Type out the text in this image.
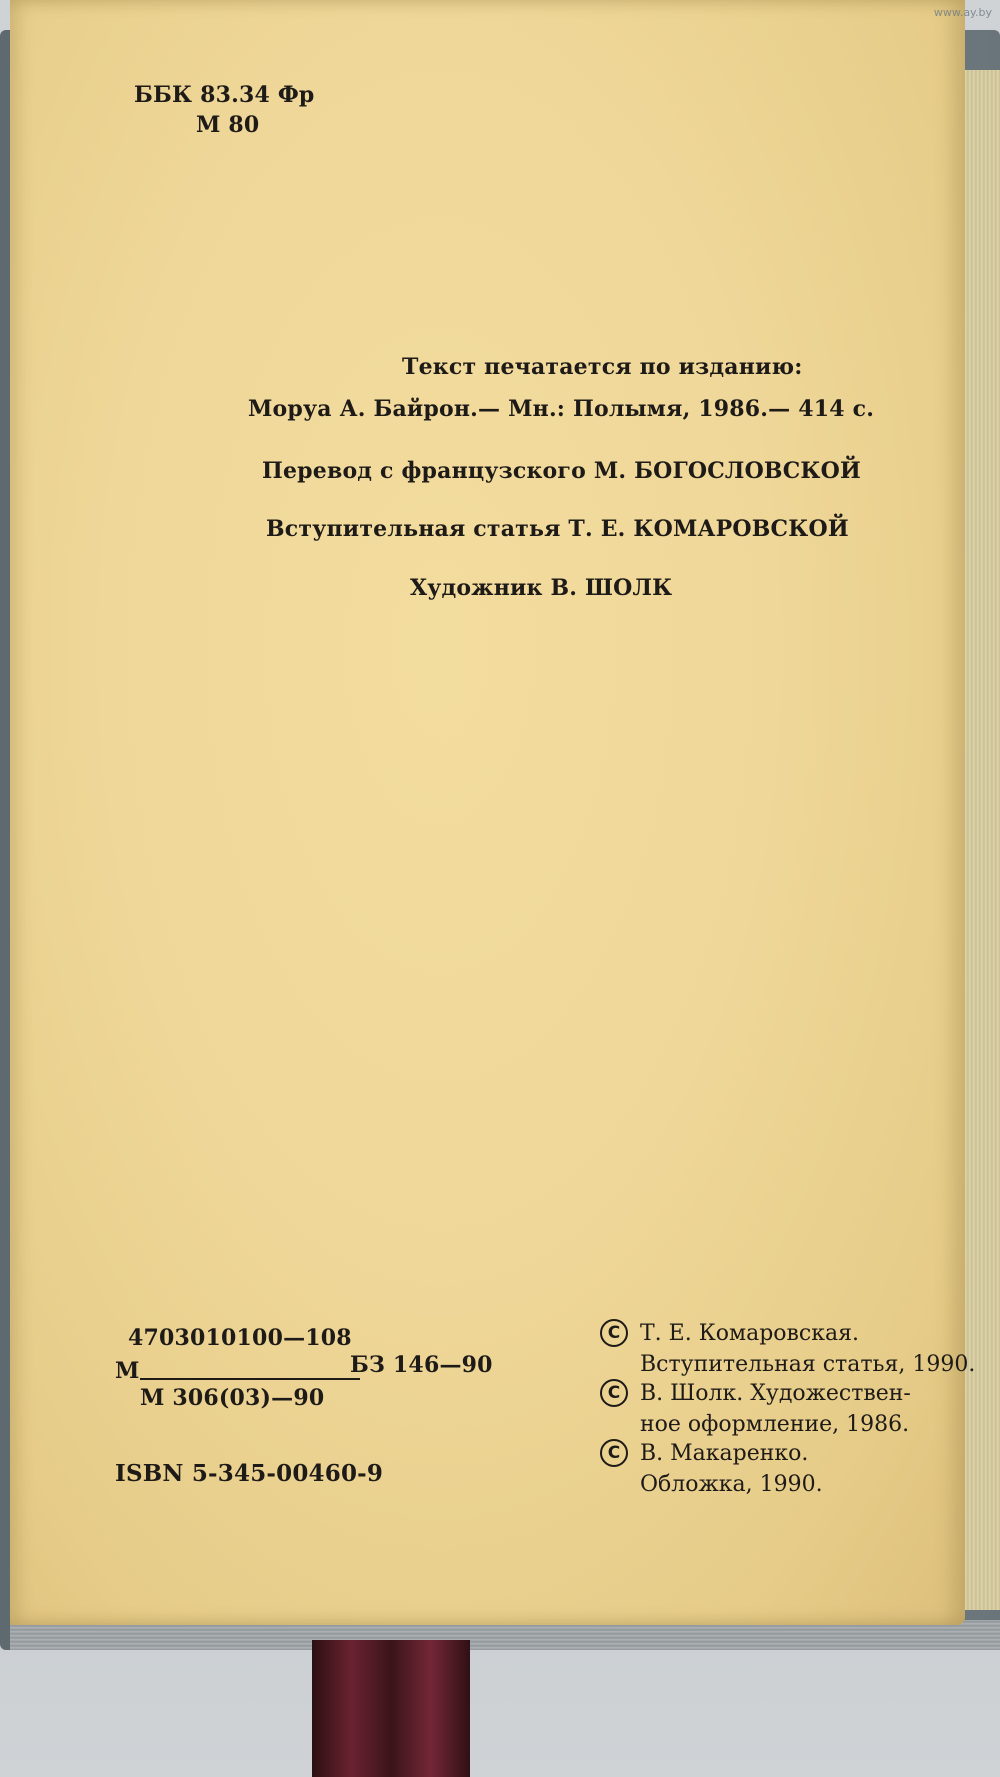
ББК 83.34 Фр

М 80

Текст печатается по изданию:

Моруа А. Байрон.— Мн.: Полымя, 1986.— 414 с.

Перевод с французского М. БОГОСЛОВСКОЙ

Вступительная статья Т. Е. КОМАРОВСКОЙ

Художник В. ШОЛК

4703010100—108

М	БЗ 146—90

М 306(03)—90

ISBN 5-345-00460-9

C Т. Е. Комаровская.
Вступительная статья, 1990.
C В. Шолк. Художествен-
ное оформление, 1986.
C В. Макаренко.
Обложка, 1990.
www.ay.by
